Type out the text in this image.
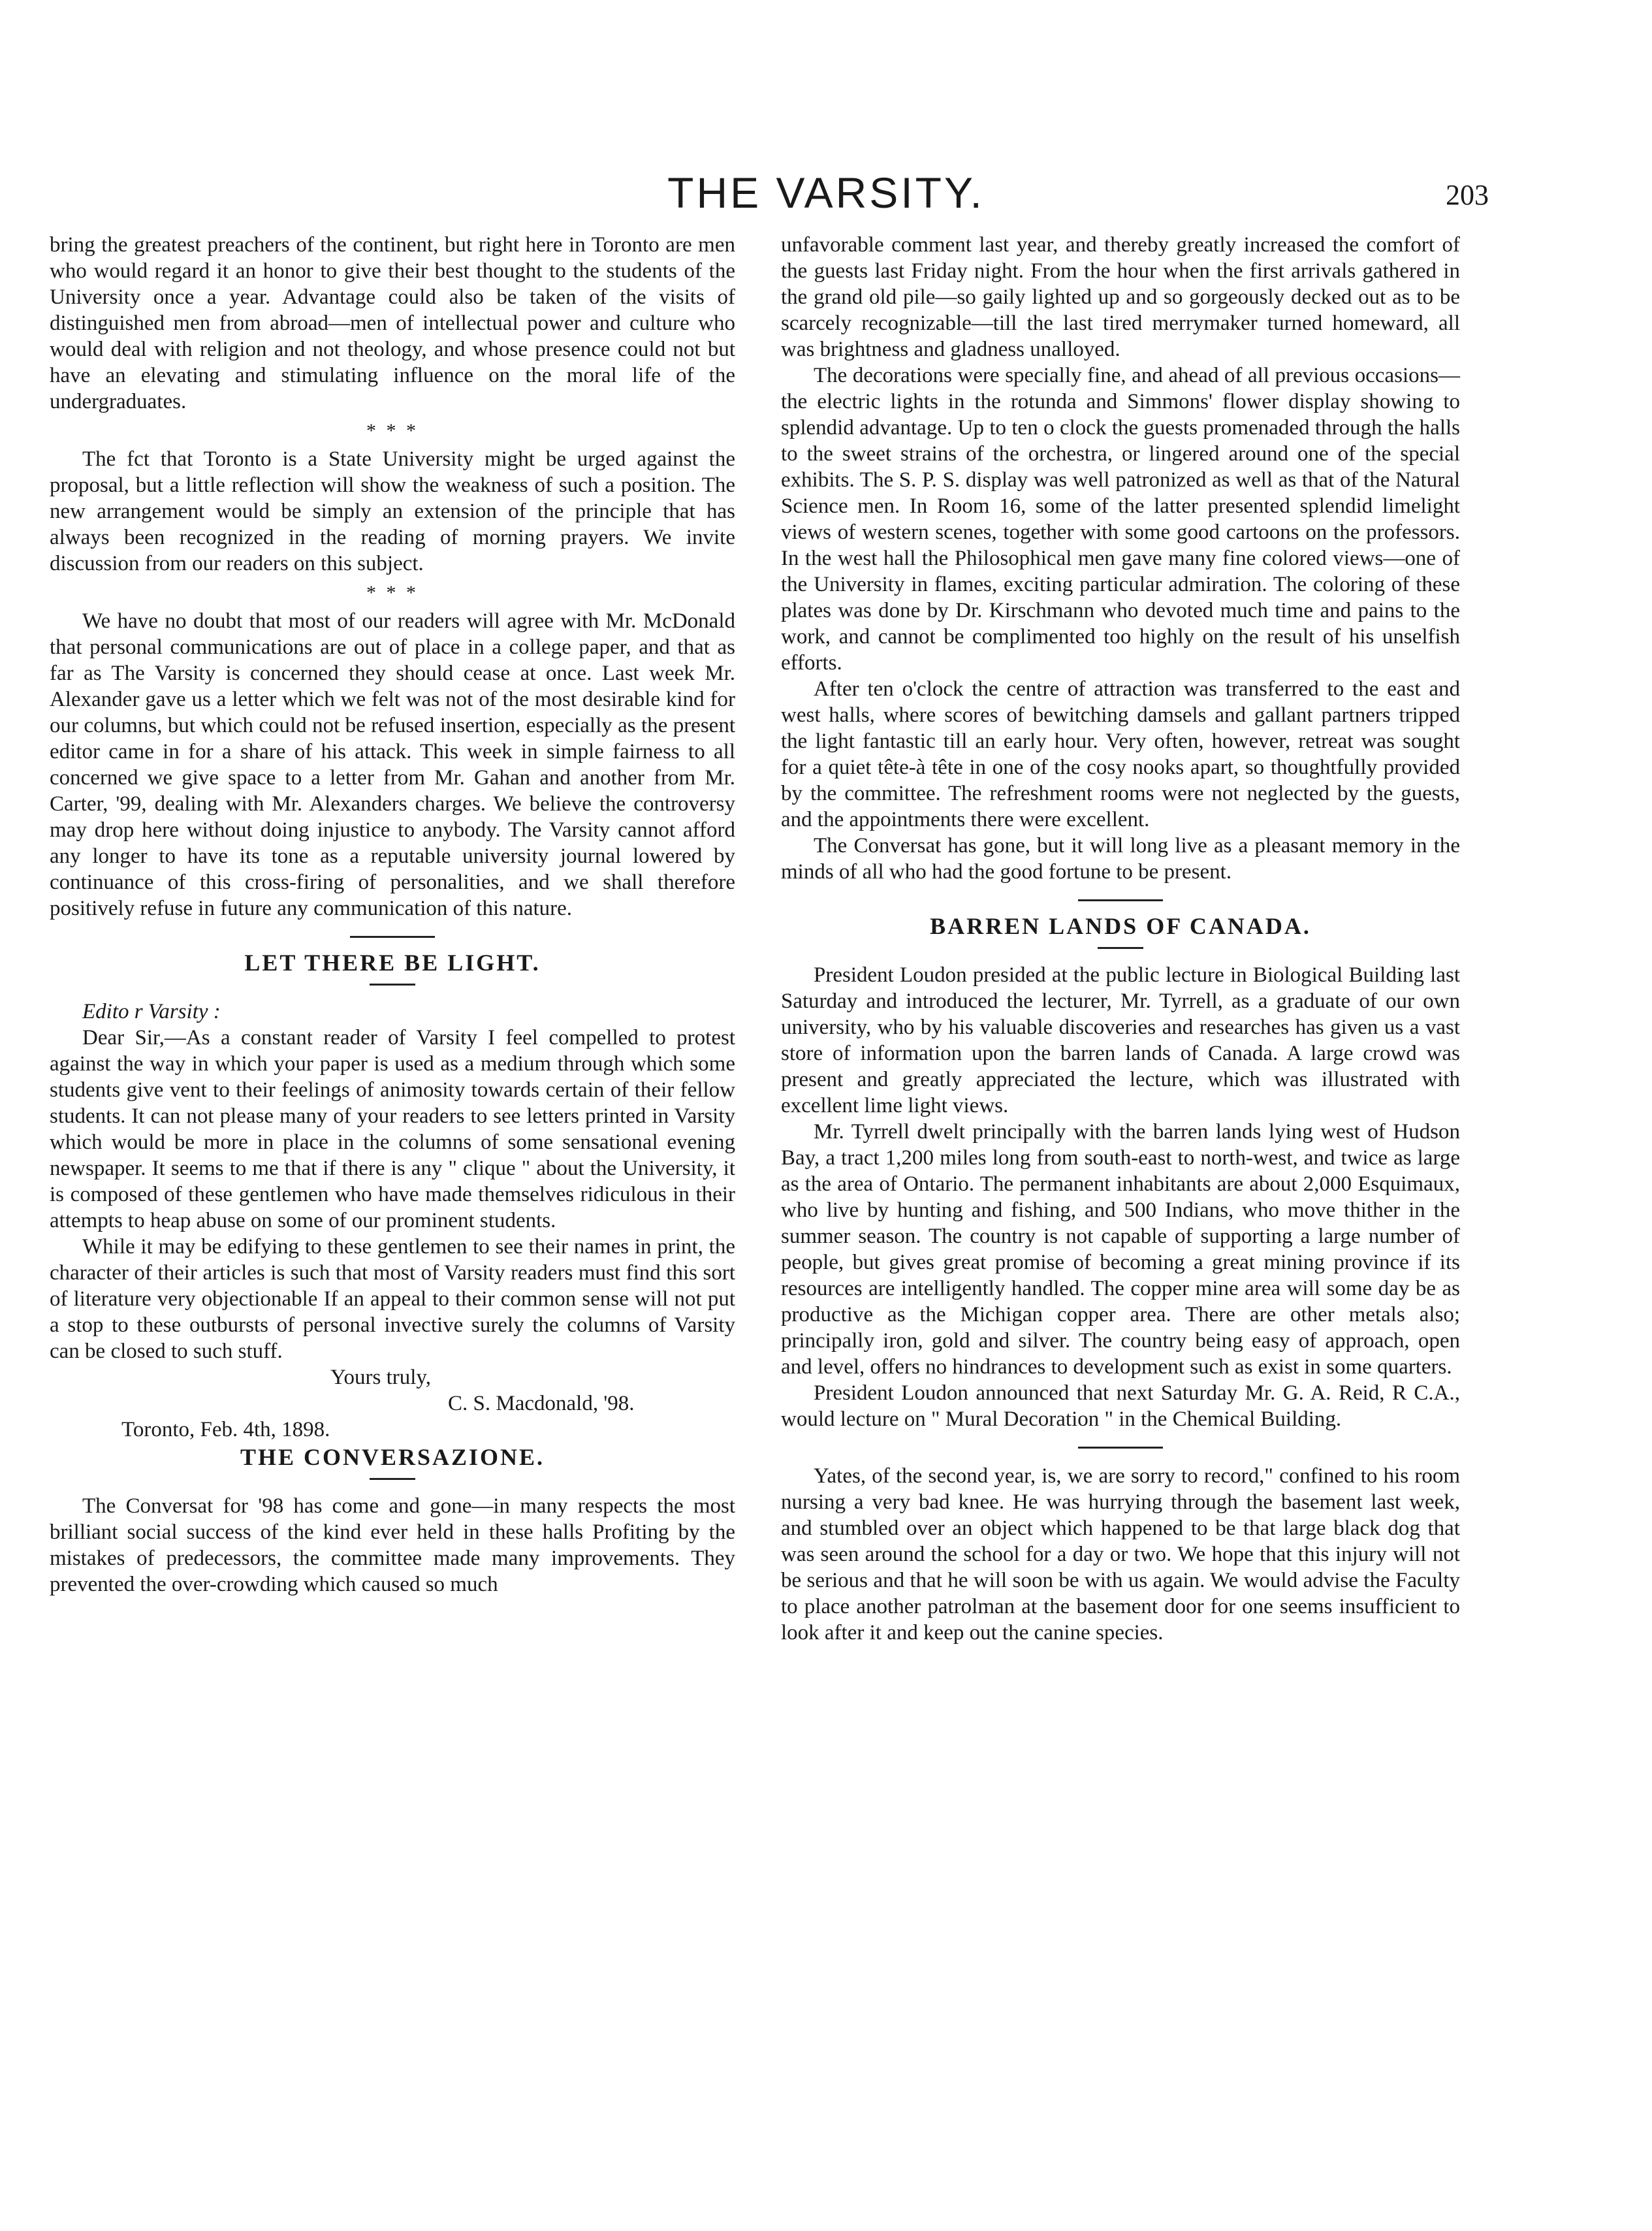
THE VARSITY.	203

bring the greatest preachers of the continent, but right here in Toronto are men who would regard it an honor to give their best thought to the students of the University once a year. Advantage could also be taken of the visits of distinguished men from abroad—men of intellectual power and culture who would deal with religion and not theology, and whose presence could not but have an elevating and stimulating influence on the moral life of the undergraduates.

* * *

The fct that Toronto is a State University might be urged against the proposal, but a little reflection will show the weakness of such a position. The new arrangement would be simply an extension of the principle that has always been recognized in the reading of morning prayers. We invite discussion from our readers on this subject.

* * *

We have no doubt that most of our readers will agree with Mr. McDonald that personal communications are out of place in a college paper, and that as far as The Varsity is concerned they should cease at once. Last week Mr. Alexander gave us a letter which we felt was not of the most desirable kind for our columns, but which could not be refused insertion, especially as the present editor came in for a share of his attack. This week in simple fairness to all concerned we give space to a letter from Mr. Gahan and another from Mr. Carter, '99, dealing with Mr. Alexanders charges. We believe the controversy may drop here without doing injustice to anybody. The Varsity cannot afford any longer to have its tone as a reputable university journal lowered by continuance of this cross-firing of personalities, and we shall therefore positively refuse in future any communication of this nature.

LET THERE BE LIGHT.

Edito r Varsity :

Dear Sir,—As a constant reader of Varsity I feel compelled to protest against the way in which your paper is used as a medium through which some students give vent to their feelings of animosity towards certain of their fellow students. It can not please many of your readers to see letters printed in Varsity which would be more in place in the columns of some sensational evening newspaper. It seems to me that if there is any " clique " about the University, it is composed of these gentlemen who have made themselves ridiculous in their attempts to heap abuse on some of our prominent students.

While it may be edifying to these gentlemen to see their names in print, the character of their articles is such that most of Varsity readers must find this sort of literature very objectionable If an appeal to their common sense will not put a stop to these outbursts of personal invective surely the columns of Varsity can be closed to such stuff.

Yours truly,

C. S. Macdonald, '98.

Toronto, Feb. 4th, 1898.

THE CONVERSAZIONE.

The Conversat for '98 has come and gone—in many respects the most brilliant social success of the kind ever held in these halls Profiting by the mistakes of predecessors, the committee made many improvements. They prevented the over-crowding which caused so much

unfavorable comment last year, and thereby greatly increased the comfort of the guests last Friday night. From the hour when the first arrivals gathered in the grand old pile—so gaily lighted up and so gorgeously decked out as to be scarcely recognizable—till the last tired merrymaker turned homeward, all was brightness and gladness unalloyed.

The decorations were specially fine, and ahead of all previous occasions—the electric lights in the rotunda and Simmons' flower display showing to splendid advantage. Up to ten o clock the guests promenaded through the halls to the sweet strains of the orchestra, or lingered around one of the special exhibits. The S. P. S. display was well patronized as well as that of the Natural Science men. In Room 16, some of the latter presented splendid limelight views of western scenes, together with some good cartoons on the professors. In the west hall the Philosophical men gave many fine colored views—one of the University in flames, exciting particular admiration. The coloring of these plates was done by Dr. Kirschmann who devoted much time and pains to the work, and cannot be complimented too highly on the result of his unselfish efforts.

After ten o'clock the centre of attraction was transferred to the east and west halls, where scores of bewitching damsels and gallant partners tripped the light fantastic till an early hour. Very often, however, retreat was sought for a quiet tête-à tête in one of the cosy nooks apart, so thoughtfully provided by the committee. The refreshment rooms were not neglected by the guests, and the appointments there were excellent.

The Conversat has gone, but it will long live as a pleasant memory in the minds of all who had the good fortune to be present.

BARREN LANDS OF CANADA.

President Loudon presided at the public lecture in Biological Building last Saturday and introduced the lecturer, Mr. Tyrrell, as a graduate of our own university, who by his valuable discoveries and researches has given us a vast store of information upon the barren lands of Canada. A large crowd was present and greatly appreciated the lecture, which was illustrated with excellent lime light views.

Mr. Tyrrell dwelt principally with the barren lands lying west of Hudson Bay, a tract 1,200 miles long from south-east to north-west, and twice as large as the area of Ontario. The permanent inhabitants are about 2,000 Esquimaux, who live by hunting and fishing, and 500 Indians, who move thither in the summer season. The country is not capable of supporting a large number of people, but gives great promise of becoming a great mining province if its resources are intelligently handled. The copper mine area will some day be as productive as the Michigan copper area. There are other metals also; principally iron, gold and silver. The country being easy of approach, open and level, offers no hindrances to development such as exist in some quarters.

President Loudon announced that next Saturday Mr. G. A. Reid, R C.A., would lecture on " Mural Decoration " in the Chemical Building.

Yates, of the second year, is, we are sorry to record," confined to his room nursing a very bad knee. He was hurrying through the basement last week, and stumbled over an object which happened to be that large black dog that was seen around the school for a day or two. We hope that this injury will not be serious and that he will soon be with us again. We would advise the Faculty to place another patrolman at the basement door for one seems insufficient to look after it and keep out the canine species.
